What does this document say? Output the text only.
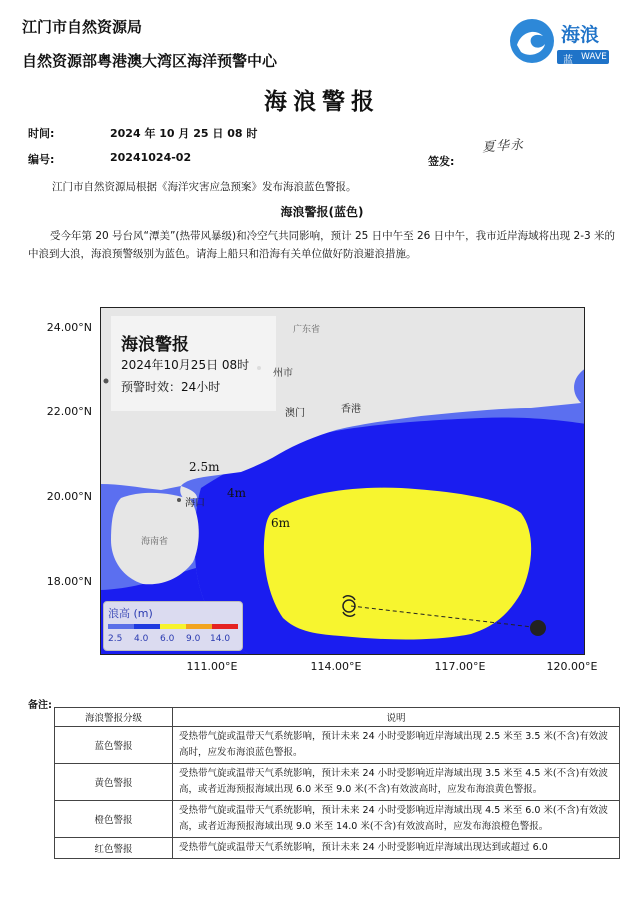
江门市自然资源局
自然资源部粤港澳大湾区海洋预警中心
海浪
蓝 WAVE
海浪警报
时间:	2024 年 10 月 25 日 08 时
编号:	20241024-02	签发:
夏华永
江门市自然资源局根据《海洋灾害应急预案》发布海浪蓝色警报。
海浪警报(蓝色)
受今年第 20 号台风“潭美”(热带风暴级)和冷空气共同影响，预计 25 日中午至 26 日中午，我市近岸海域将出现 2-3 米的中浪到大浪，海浪预警级别为蓝色。请海上船只和沿海有关单位做好防浪避浪措施。
24.00°N
22.00°N
20.00°N
18.00°N
海浪警报
2024年10月25日 08时
预警时效：24小时
广东省
州市
澳门	香港
海口
海南省
2.5m
4m
6m
浪高 (m)
2.5 4.0 6.0 9.0 14.0
111.00°E	114.00°E	117.00°E	120.00°E
备注:
海浪警报分级	说明
蓝色警报	受热带气旋或温带天气系统影响，预计未来 24 小时受影响近岸海域出现 2.5 米至 3.5 米(不含)有效波高时，应发布海浪蓝色警报。
黄色警报	受热带气旋或温带天气系统影响，预计未来 24 小时受影响近岸海域出现 3.5 米至 4.5 米(不含)有效波高，或者近海预报海域出现 6.0 米至 9.0 米(不含)有效波高时，应发布海浪黄色警报。
橙色警报	受热带气旋或温带天气系统影响，预计未来 24 小时受影响近岸海域出现 4.5 米至 6.0 米(不含)有效波高，或者近海预报海域出现 9.0 米至 14.0 米(不含)有效波高时，应发布海浪橙色警报。
红色警报	受热带气旋或温带天气系统影响，预计未来 24 小时受影响近岸海域出现达到或超过 6.0
